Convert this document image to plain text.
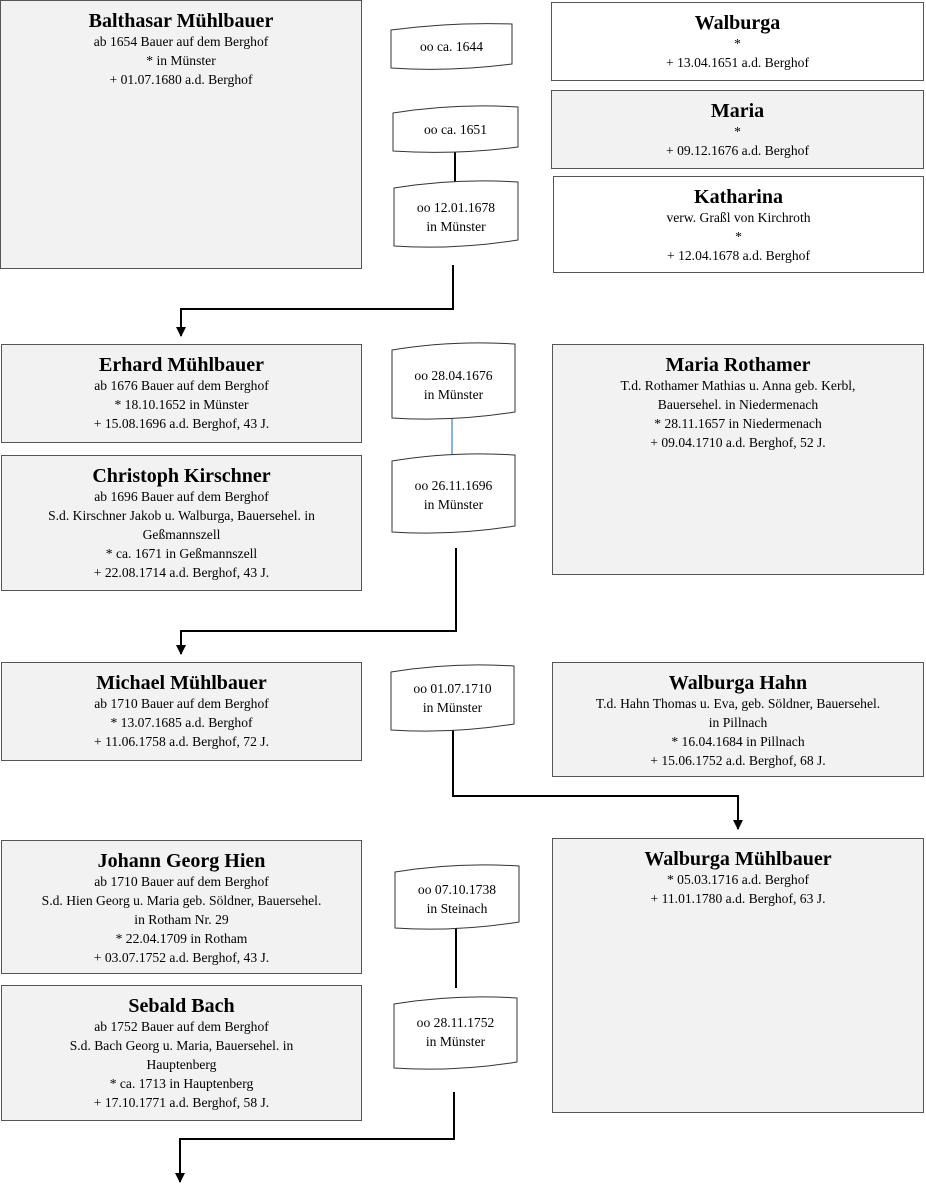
oo ca. 1644
oo ca. 1651
oo 12.01.1678
in Münster
oo 28.04.1676
in Münster
oo 26.11.1696
in Münster
oo 01.07.1710
in Münster
oo 07.10.1738
in Steinach
oo 28.11.1752
in Münster
Balthasar Mühlbauer
ab 1654 Bauer auf dem Berghof
* in Münster
+ 01.07.1680 a.d. Berghof
Walburga
*
+ 13.04.1651 a.d. Berghof
Maria
*
+ 09.12.1676 a.d. Berghof
Katharina
verw. Graßl von Kirchroth
*
+ 12.04.1678 a.d. Berghof
Erhard Mühlbauer
ab 1676 Bauer auf dem Berghof
* 18.10.1652 in Münster
+ 15.08.1696 a.d. Berghof, 43 J.
Christoph Kirschner
ab 1696 Bauer auf dem Berghof
S.d. Kirschner Jakob u. Walburga, Bauersehel. in
Geßmannszell
* ca. 1671 in Geßmannszell
+ 22.08.1714 a.d. Berghof, 43 J.
Maria Rothamer
T.d. Rothamer Mathias u. Anna geb. Kerbl,
Bauersehel. in Niedermenach
* 28.11.1657 in Niedermenach
+ 09.04.1710 a.d. Berghof, 52 J.
Michael Mühlbauer
ab 1710 Bauer auf dem Berghof
* 13.07.1685 a.d. Berghof
+ 11.06.1758 a.d. Berghof, 72 J.
Walburga Hahn
T.d. Hahn Thomas u. Eva, geb. Söldner, Bauersehel.
in Pillnach
* 16.04.1684 in Pillnach
+ 15.06.1752 a.d. Berghof, 68 J.
Johann Georg Hien
ab 1710 Bauer auf dem Berghof
S.d. Hien Georg u. Maria geb. Söldner, Bauersehel.
in Rotham Nr. 29
* 22.04.1709 in Rotham
+ 03.07.1752 a.d. Berghof, 43 J.
Walburga Mühlbauer
* 05.03.1716 a.d. Berghof
+ 11.01.1780 a.d. Berghof, 63 J.
Sebald Bach
ab 1752 Bauer auf dem Berghof
S.d. Bach Georg u. Maria, Bauersehel. in
Hauptenberg
* ca. 1713 in Hauptenberg
+ 17.10.1771 a.d. Berghof, 58 J.
